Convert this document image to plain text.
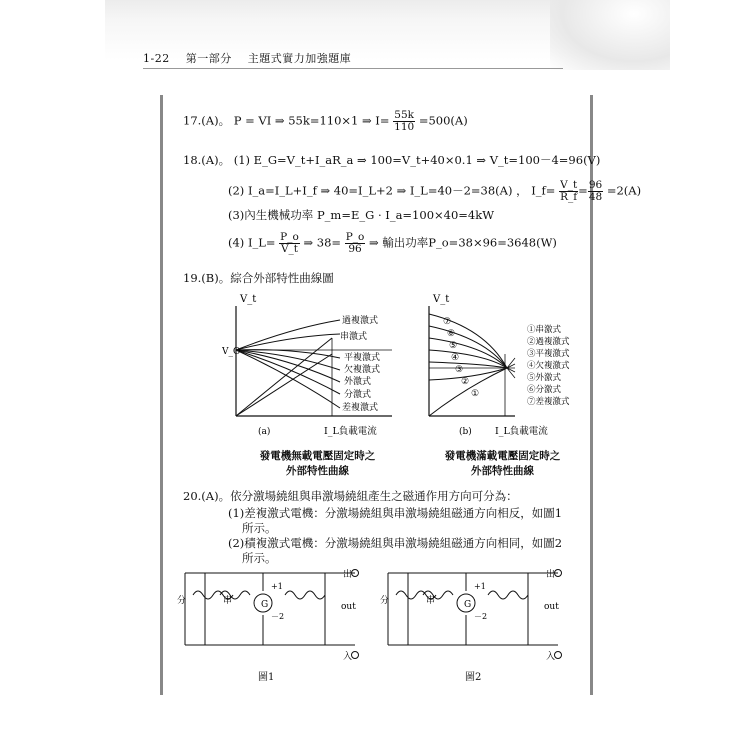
1-22 第一部分 主題式實力加強題庫
17.(A)。 P = VI ⇒ 55k=110×1 ⇒ $I= \frac{55k}{110} =500(A)$
18.(A)。 (1) E_G=V_t+I_aR_a ⇒ 100=V_t+40×0.1 ⇒ V_t=100－4=96(V)
(2) I_a=I_L+I_f ⇒ 40=I_L+2 ⇒ I_L=40－2=38(A) ， I_f= $\frac{V\_t}{R\_f} = \frac{96}{48} =2(A)$
(3)內生機械功率 P_m=E_G · I_a=100×40=4kW
(4) I_L= $\frac{P\_o}{V\_t}$ ⇒ $38= \frac{P\_o}{96}$ ⇒ 輸出功率P_o=38×96=3648(W)
19.(B)。綜合外部特性曲線圖
V_t
V_O
(a)	I_L負載電流
過複激式
串激式
平複激式
欠複激式
外激式
分激式
差複激式
⑦
⑥
⑤
④
③
②
①
V_t
(b) I_L負載電流
①串激式
②過複激式
③平複激式
④欠複激式
⑤外激式
⑥分激式
⑦差複激式
發電機無載電壓固定時之
外部特性曲線
發電機滿載電壓固定時之
外部特性曲線
20.(A)。依分激場繞組與串激場繞組產生之磁通作用方向可分為：
(1)差複激式電機：分激場繞組與串激場繞組磁通方向相反，如圖1
所示。
(2)積複激式電機：分激場繞組與串激場繞組磁通方向相同，如圖2
所示。
G
+1
－2
分	串
出
入
out
圖1
G
+1
－2
分	串
出
入
out
圖2
